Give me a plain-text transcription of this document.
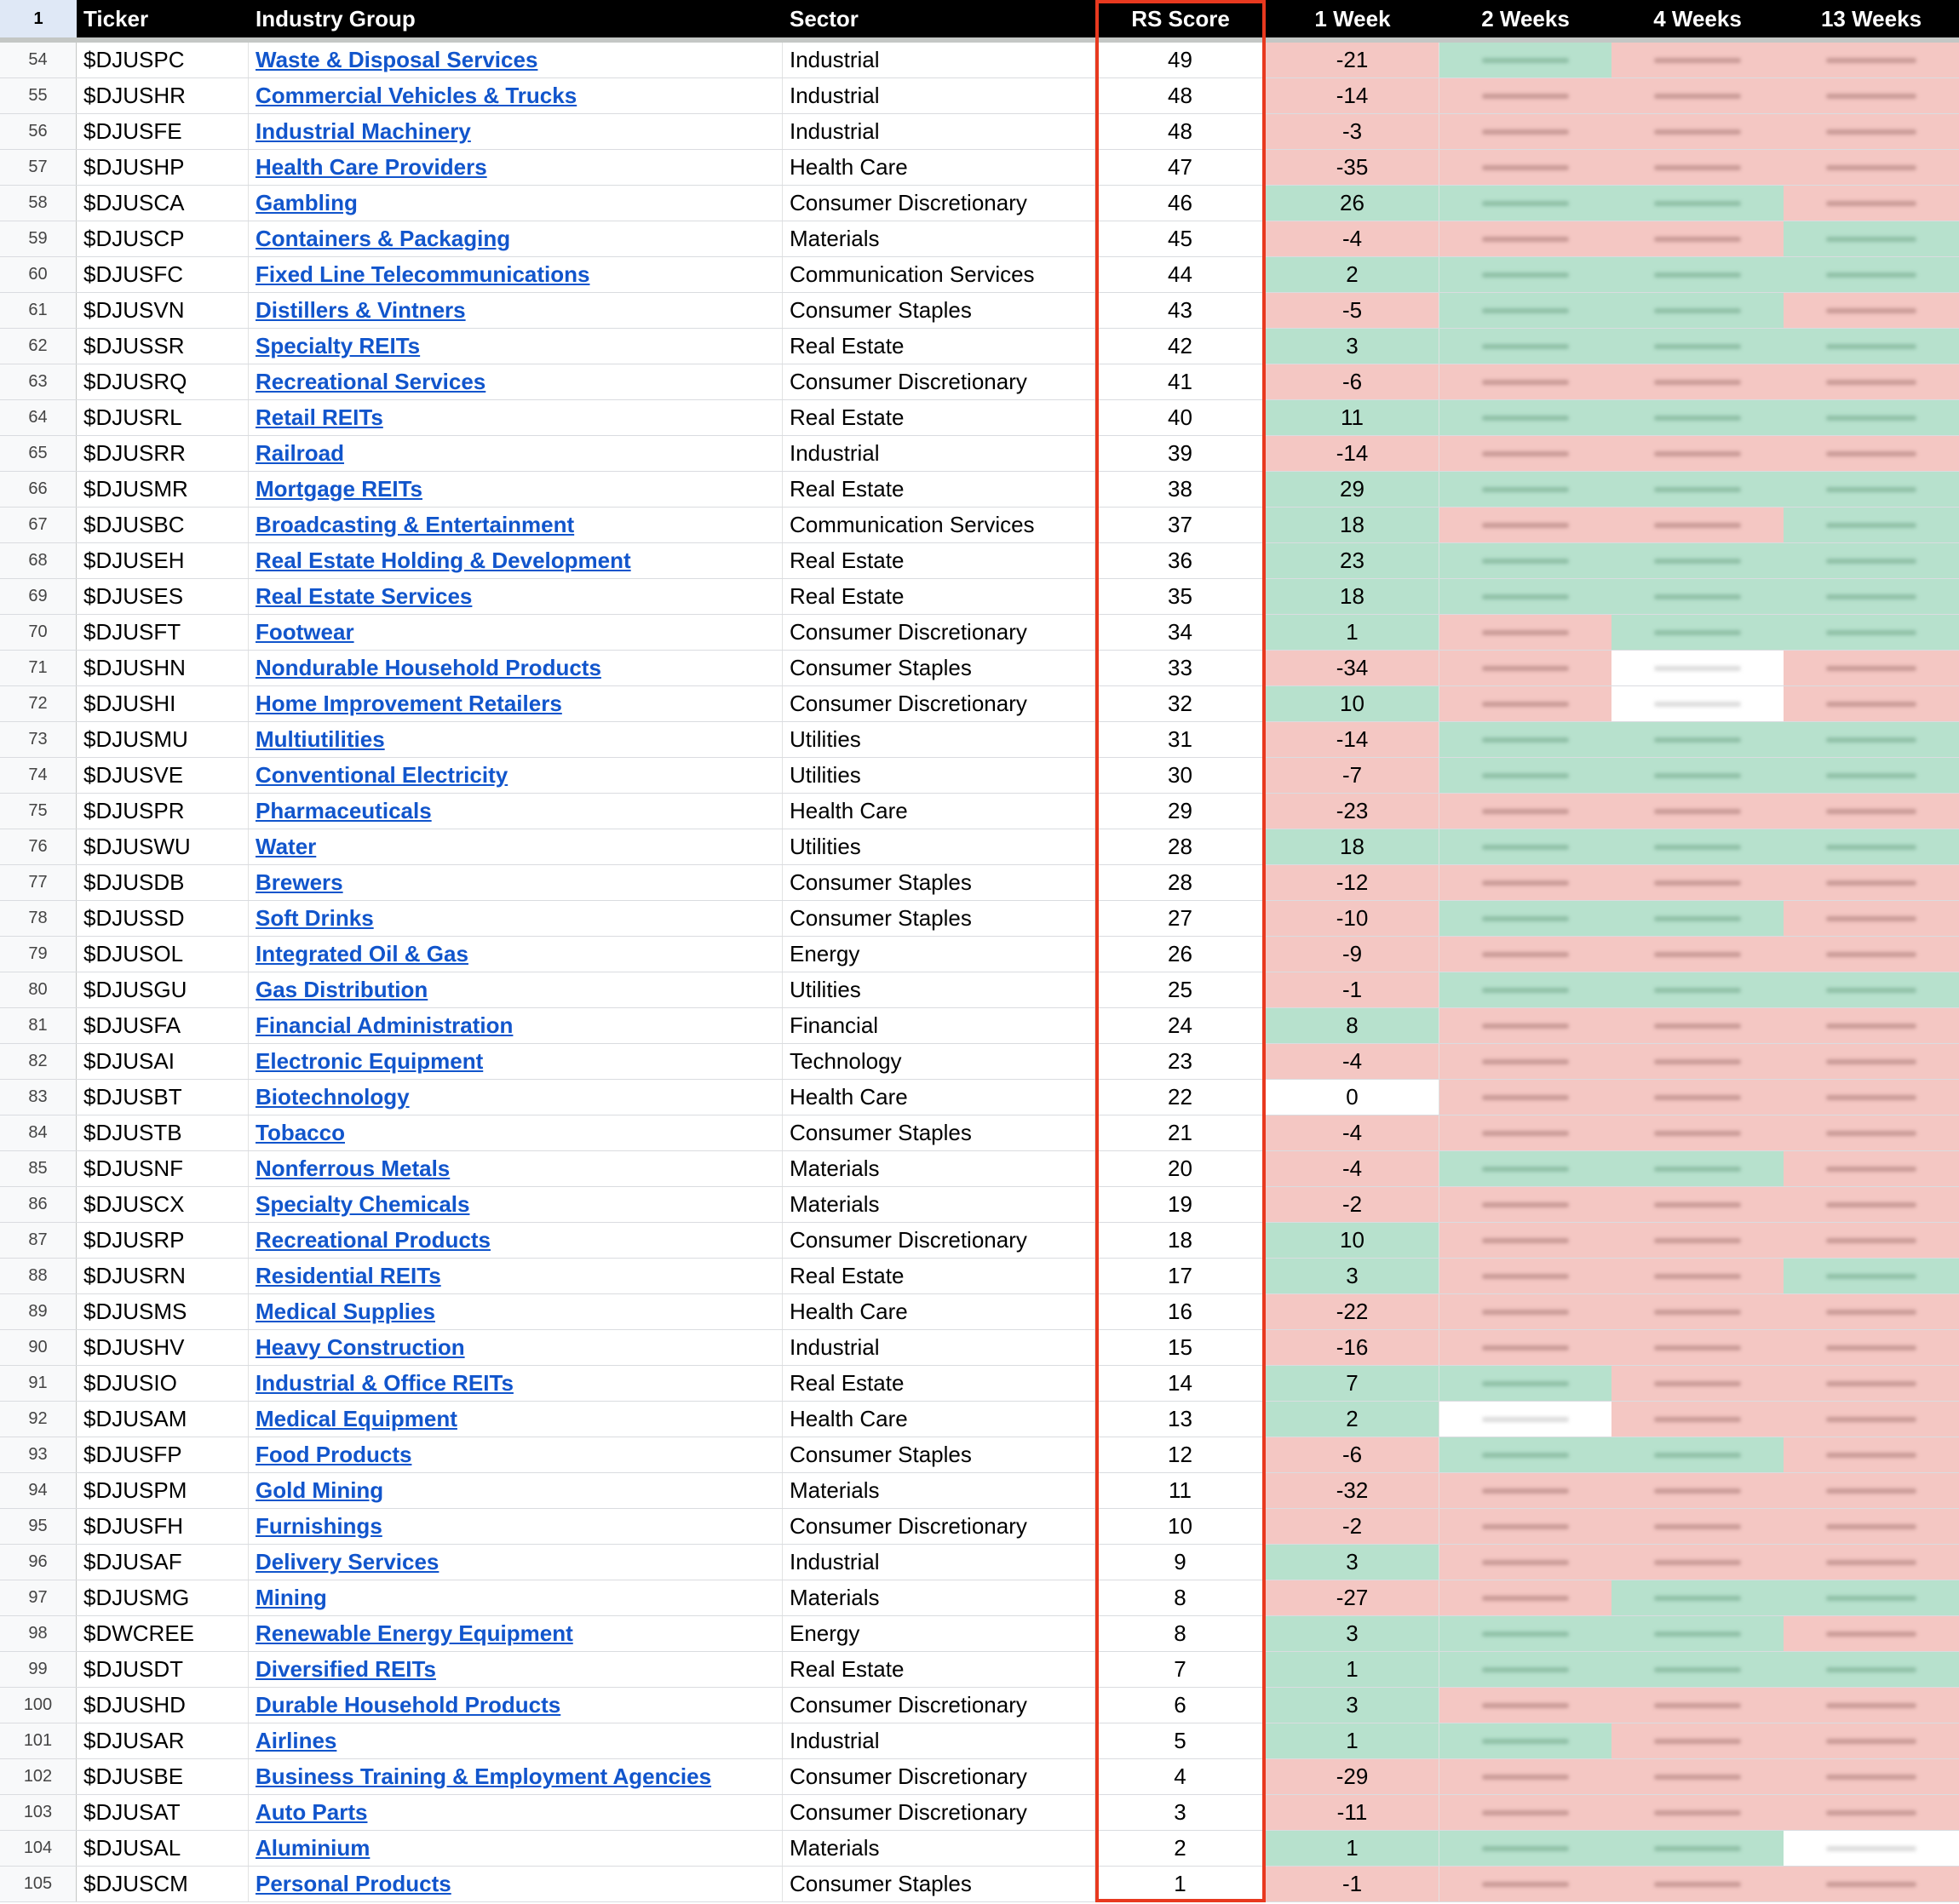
1	Ticker	Industry Group	Sector	RS Score	1 Week	2 Weeks	4 Weeks	13 Weeks
54	$DJUSPC	Waste & Disposal Services	Industrial	49	-21
55	$DJUSHR	Commercial Vehicles & Trucks	Industrial	48	-14
56	$DJUSFE	Industrial Machinery	Industrial	48	-3
57	$DJUSHP	Health Care Providers	Health Care	47	-35
58	$DJUSCA	Gambling	Consumer Discretionary	46	26
59	$DJUSCP	Containers & Packaging	Materials	45	-4
60	$DJUSFC	Fixed Line Telecommunications	Communication Services	44	2
61	$DJUSVN	Distillers & Vintners	Consumer Staples	43	-5
62	$DJUSSR	Specialty REITs	Real Estate	42	3
63	$DJUSRQ	Recreational Services	Consumer Discretionary	41	-6
64	$DJUSRL	Retail REITs	Real Estate	40	11
65	$DJUSRR	Railroad	Industrial	39	-14
66	$DJUSMR	Mortgage REITs	Real Estate	38	29
67	$DJUSBC	Broadcasting & Entertainment	Communication Services	37	18
68	$DJUSEH	Real Estate Holding & Development	Real Estate	36	23
69	$DJUSES	Real Estate Services	Real Estate	35	18
70	$DJUSFT	Footwear	Consumer Discretionary	34	1
71	$DJUSHN	Nondurable Household Products	Consumer Staples	33	-34
72	$DJUSHI	Home Improvement Retailers	Consumer Discretionary	32	10
73	$DJUSMU	Multiutilities	Utilities	31	-14
74	$DJUSVE	Conventional Electricity	Utilities	30	-7
75	$DJUSPR	Pharmaceuticals	Health Care	29	-23
76	$DJUSWU	Water	Utilities	28	18
77	$DJUSDB	Brewers	Consumer Staples	28	-12
78	$DJUSSD	Soft Drinks	Consumer Staples	27	-10
79	$DJUSOL	Integrated Oil & Gas	Energy	26	-9
80	$DJUSGU	Gas Distribution	Utilities	25	-1
81	$DJUSFA	Financial Administration	Financial	24	8
82	$DJUSAI	Electronic Equipment	Technology	23	-4
83	$DJUSBT	Biotechnology	Health Care	22	0
84	$DJUSTB	Tobacco	Consumer Staples	21	-4
85	$DJUSNF	Nonferrous Metals	Materials	20	-4
86	$DJUSCX	Specialty Chemicals	Materials	19	-2
87	$DJUSRP	Recreational Products	Consumer Discretionary	18	10
88	$DJUSRN	Residential REITs	Real Estate	17	3
89	$DJUSMS	Medical Supplies	Health Care	16	-22
90	$DJUSHV	Heavy Construction	Industrial	15	-16
91	$DJUSIO	Industrial & Office REITs	Real Estate	14	7
92	$DJUSAM	Medical Equipment	Health Care	13	2
93	$DJUSFP	Food Products	Consumer Staples	12	-6
94	$DJUSPM	Gold Mining	Materials	11	-32
95	$DJUSFH	Furnishings	Consumer Discretionary	10	-2
96	$DJUSAF	Delivery Services	Industrial	9	3
97	$DJUSMG	Mining	Materials	8	-27
98	$DWCREE	Renewable Energy Equipment	Energy	8	3
99	$DJUSDT	Diversified REITs	Real Estate	7	1
100	$DJUSHD	Durable Household Products	Consumer Discretionary	6	3
101	$DJUSAR	Airlines	Industrial	5	1
102	$DJUSBE	Business Training & Employment Agencies	Consumer Discretionary	4	-29
103	$DJUSAT	Auto Parts	Consumer Discretionary	3	-11
104	$DJUSAL	Aluminium	Materials	2	1
105	$DJUSCM	Personal Products	Consumer Staples	1	-1
